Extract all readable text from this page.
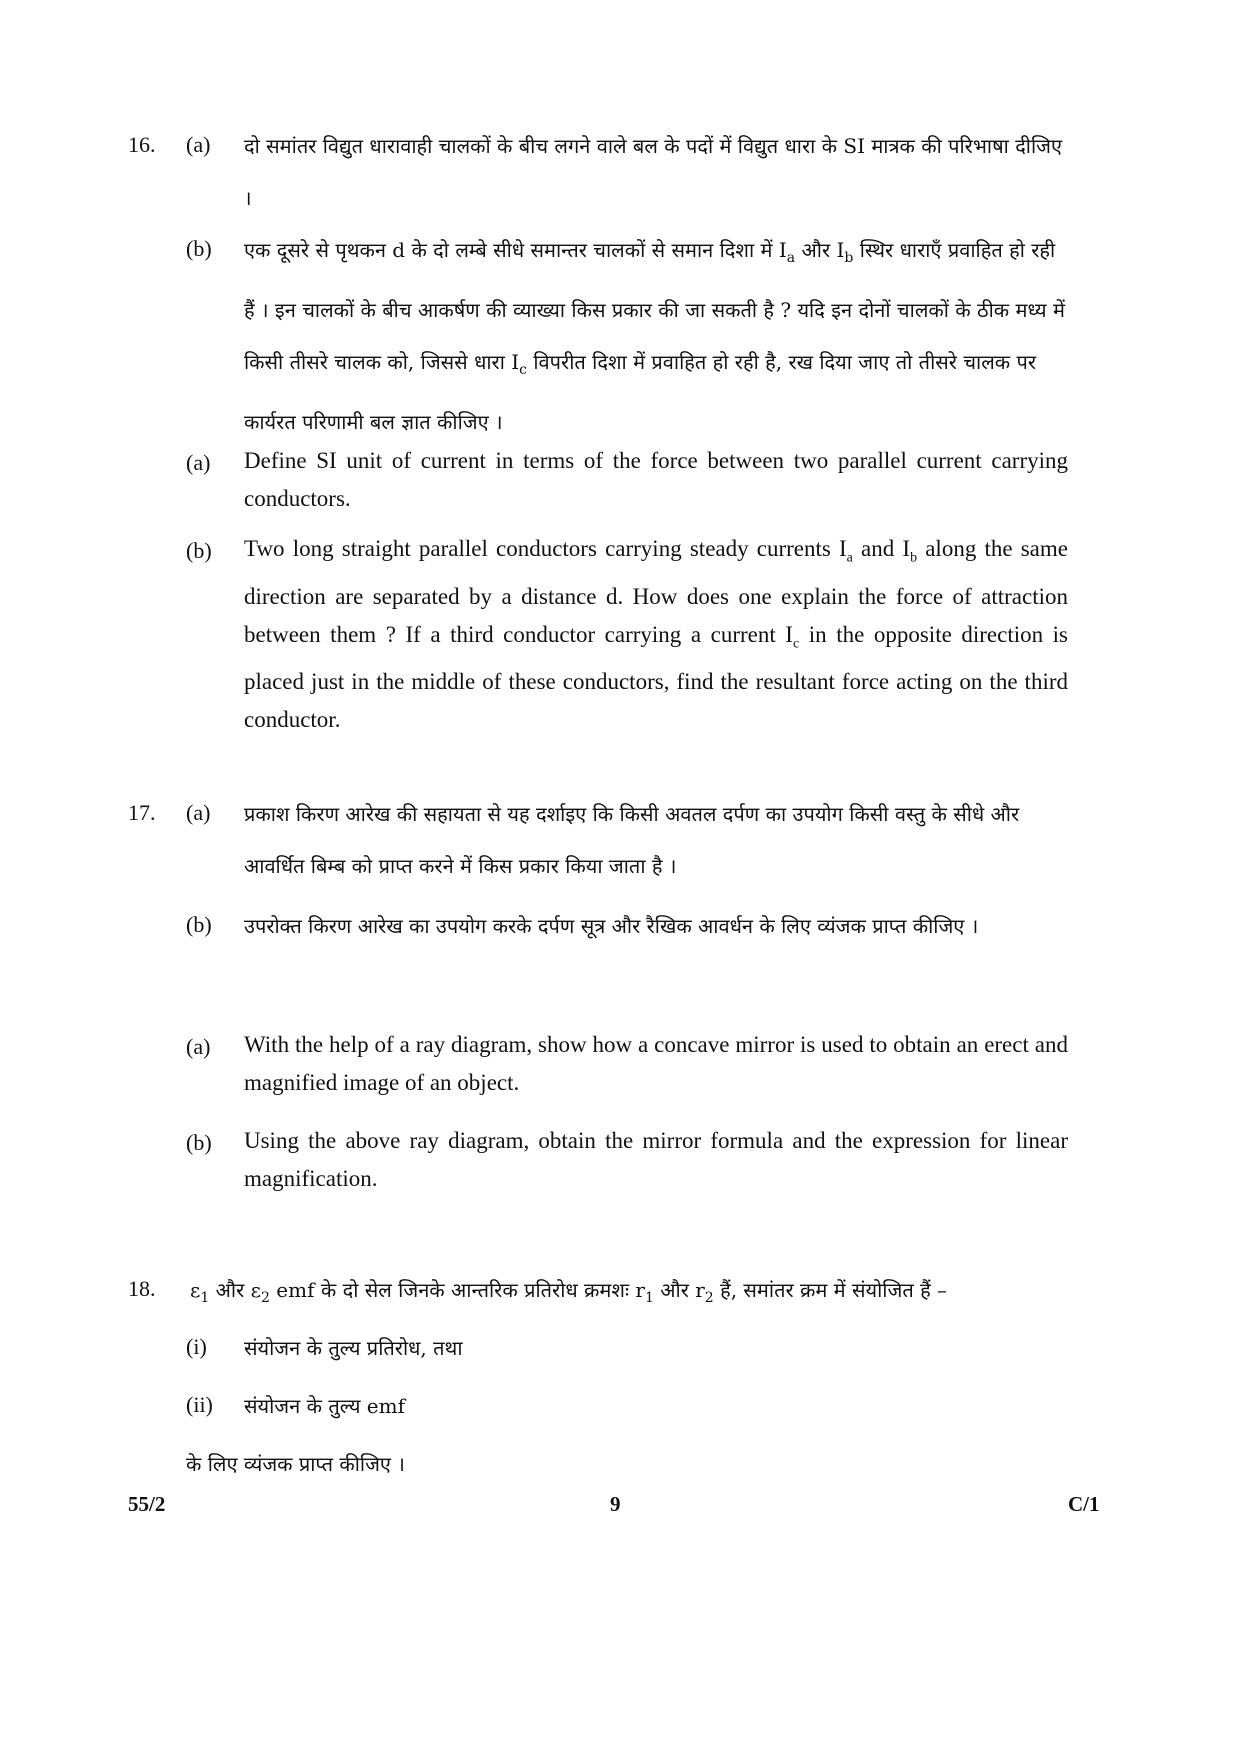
16. (a) दो समांतर विद्युत धारावाही चालकों के बीच लगने वाले बल के पदों में विद्युत धारा के SI मात्रक की परिभाषा दीजिए ।
(b) एक दूसरे से पृथकन d के दो लम्बे सीधे समान्तर चालकों से समान दिशा में $I_a$ और $I_b$ स्थिर धाराएँ प्रवाहित हो रही हैं । इन चालकों के बीच आकर्षण की व्याख्या किस प्रकार की जा सकती है ? यदि इन दोनों चालकों के ठीक मध्य में किसी तीसरे चालक को, जिससे धारा $I_c$ विपरीत दिशा में प्रवाहित हो रही है, रख दिया जाए तो तीसरे चालक पर कार्यरत परिणामी बल ज्ञात कीजिए ।
(a) Define SI unit of current in terms of the force between two parallel current carrying conductors.
(b) Two long straight parallel conductors carrying steady currents $I_a$ and $I_b$ along the same direction are separated by a distance d. How does one explain the force of attraction between them ? If a third conductor carrying a current $I_c$ in the opposite direction is placed just in the middle of these conductors, find the resultant force acting on the third conductor.
17. (a) प्रकाश किरण आरेख की सहायता से यह दर्शाइए कि किसी अवतल दर्पण का उपयोग किसी वस्तु के सीधे और आवर्धित बिम्ब को प्राप्त करने में किस प्रकार किया जाता है ।
(b) उपरोक्त किरण आरेख का उपयोग करके दर्पण सूत्र और रैखिक आवर्धन के लिए व्यंजक प्राप्त कीजिए ।
(a) With the help of a ray diagram, show how a concave mirror is used to obtain an erect and magnified image of an object.
(b) Using the above ray diagram, obtain the mirror formula and the expression for linear magnification.
18. $\varepsilon_1$ और $\varepsilon_2$ emf के दो सेल जिनके आन्तरिक प्रतिरोध क्रमशः $r_1$ और $r_2$ हैं, समांतर क्रम में संयोजित हैं –
(i) संयोजन के तुल्य प्रतिरोध, तथा
(ii) संयोजन के तुल्य emf
के लिए व्यंजक प्राप्त कीजिए ।
55/2	9	C/1
